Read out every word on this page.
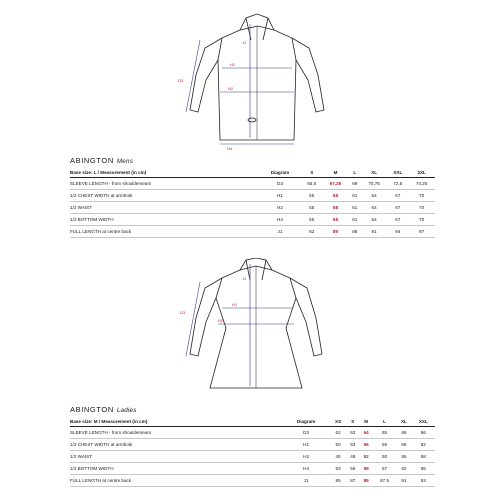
J1
H1
H2
H4
D3
ABINGTON Mens
Base size: L / Measurement (in cm)	Diagram	S	M	L	XL	XXL	3XL
SLEEVE LENGTH - from shoulderseam	D3	65,5	67,25	69	70,75	72,5	74,25
1/2 CHEST WIDTH at armhole	H1	55	58	61	64	67	70
1/2 WAIST	H2	55	58	61	64	67	70
1/2 BOTTOM WIDTH	H4	55	58	61	64	67	70
FULL LENGTH at centre back	J1	82	85	88	91	94	97
J1
H1
H2
D3
ABINGTON Ladies
Base size: M / Measurement (in cm)	Diagram	XS	S	M	L	XL	XXL
SLEEVE LENGTH - from shoulderseam	D3	62	63	64	65	66	66
1/2 CHEST WIDTH at armhole	H1	50	53	56	59	59	62
1/2 WAIST	H2	46	49	52	50	55	58
1/2 BOTTOM WIDTH	H4	53	56	59	57	62	65
FULL LENGTH at centre back	J1	85	87	89	87.5	91	93
